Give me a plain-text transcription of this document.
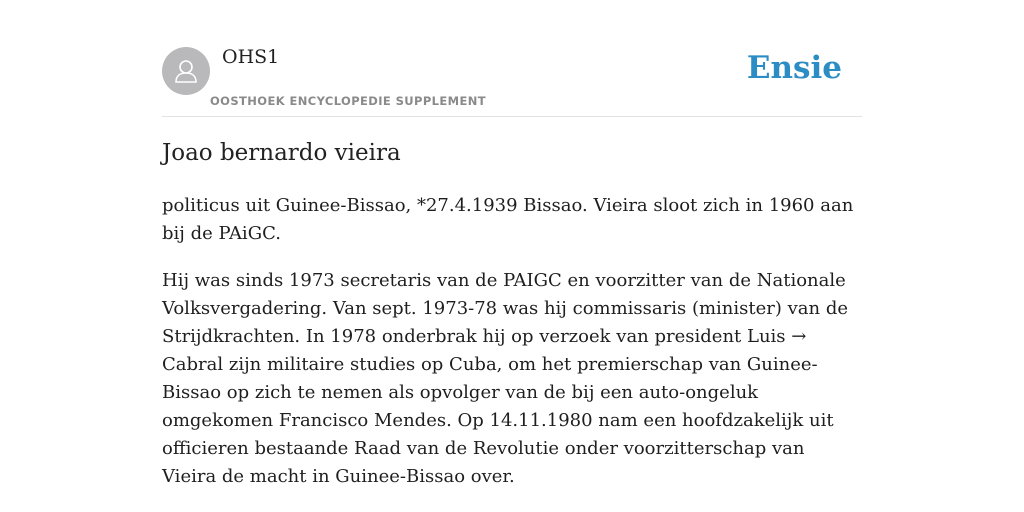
OHS1
OOSTHOEK ENCYCLOPEDIE SUPPLEMENT
Ensie
Joao bernardo vieira

politicus uit Guinee-Bissao, *27.4.1939 Bissao. Vieira sloot zich in 1960 aan bij de PAiGC.

Hij was sinds 1973 secretaris van de PAIGC en voorzitter van de Nationale Volksvergadering. Van sept. 1973-78 was hij commissaris (minister) van de Strijdkrachten. In 1978 onderbrak hij op verzoek van president Luis → Cabral zijn militaire studies op Cuba, om het premierschap van Guinee-Bissao op zich te nemen als opvolger van de bij een auto-ongeluk omgekomen Francisco Mendes. Op 14.11.1980 nam een hoofdzakelijk uit officieren bestaande Raad van de Revolutie onder voorzitterschap van Vieira de macht in Guinee-Bissao over.
